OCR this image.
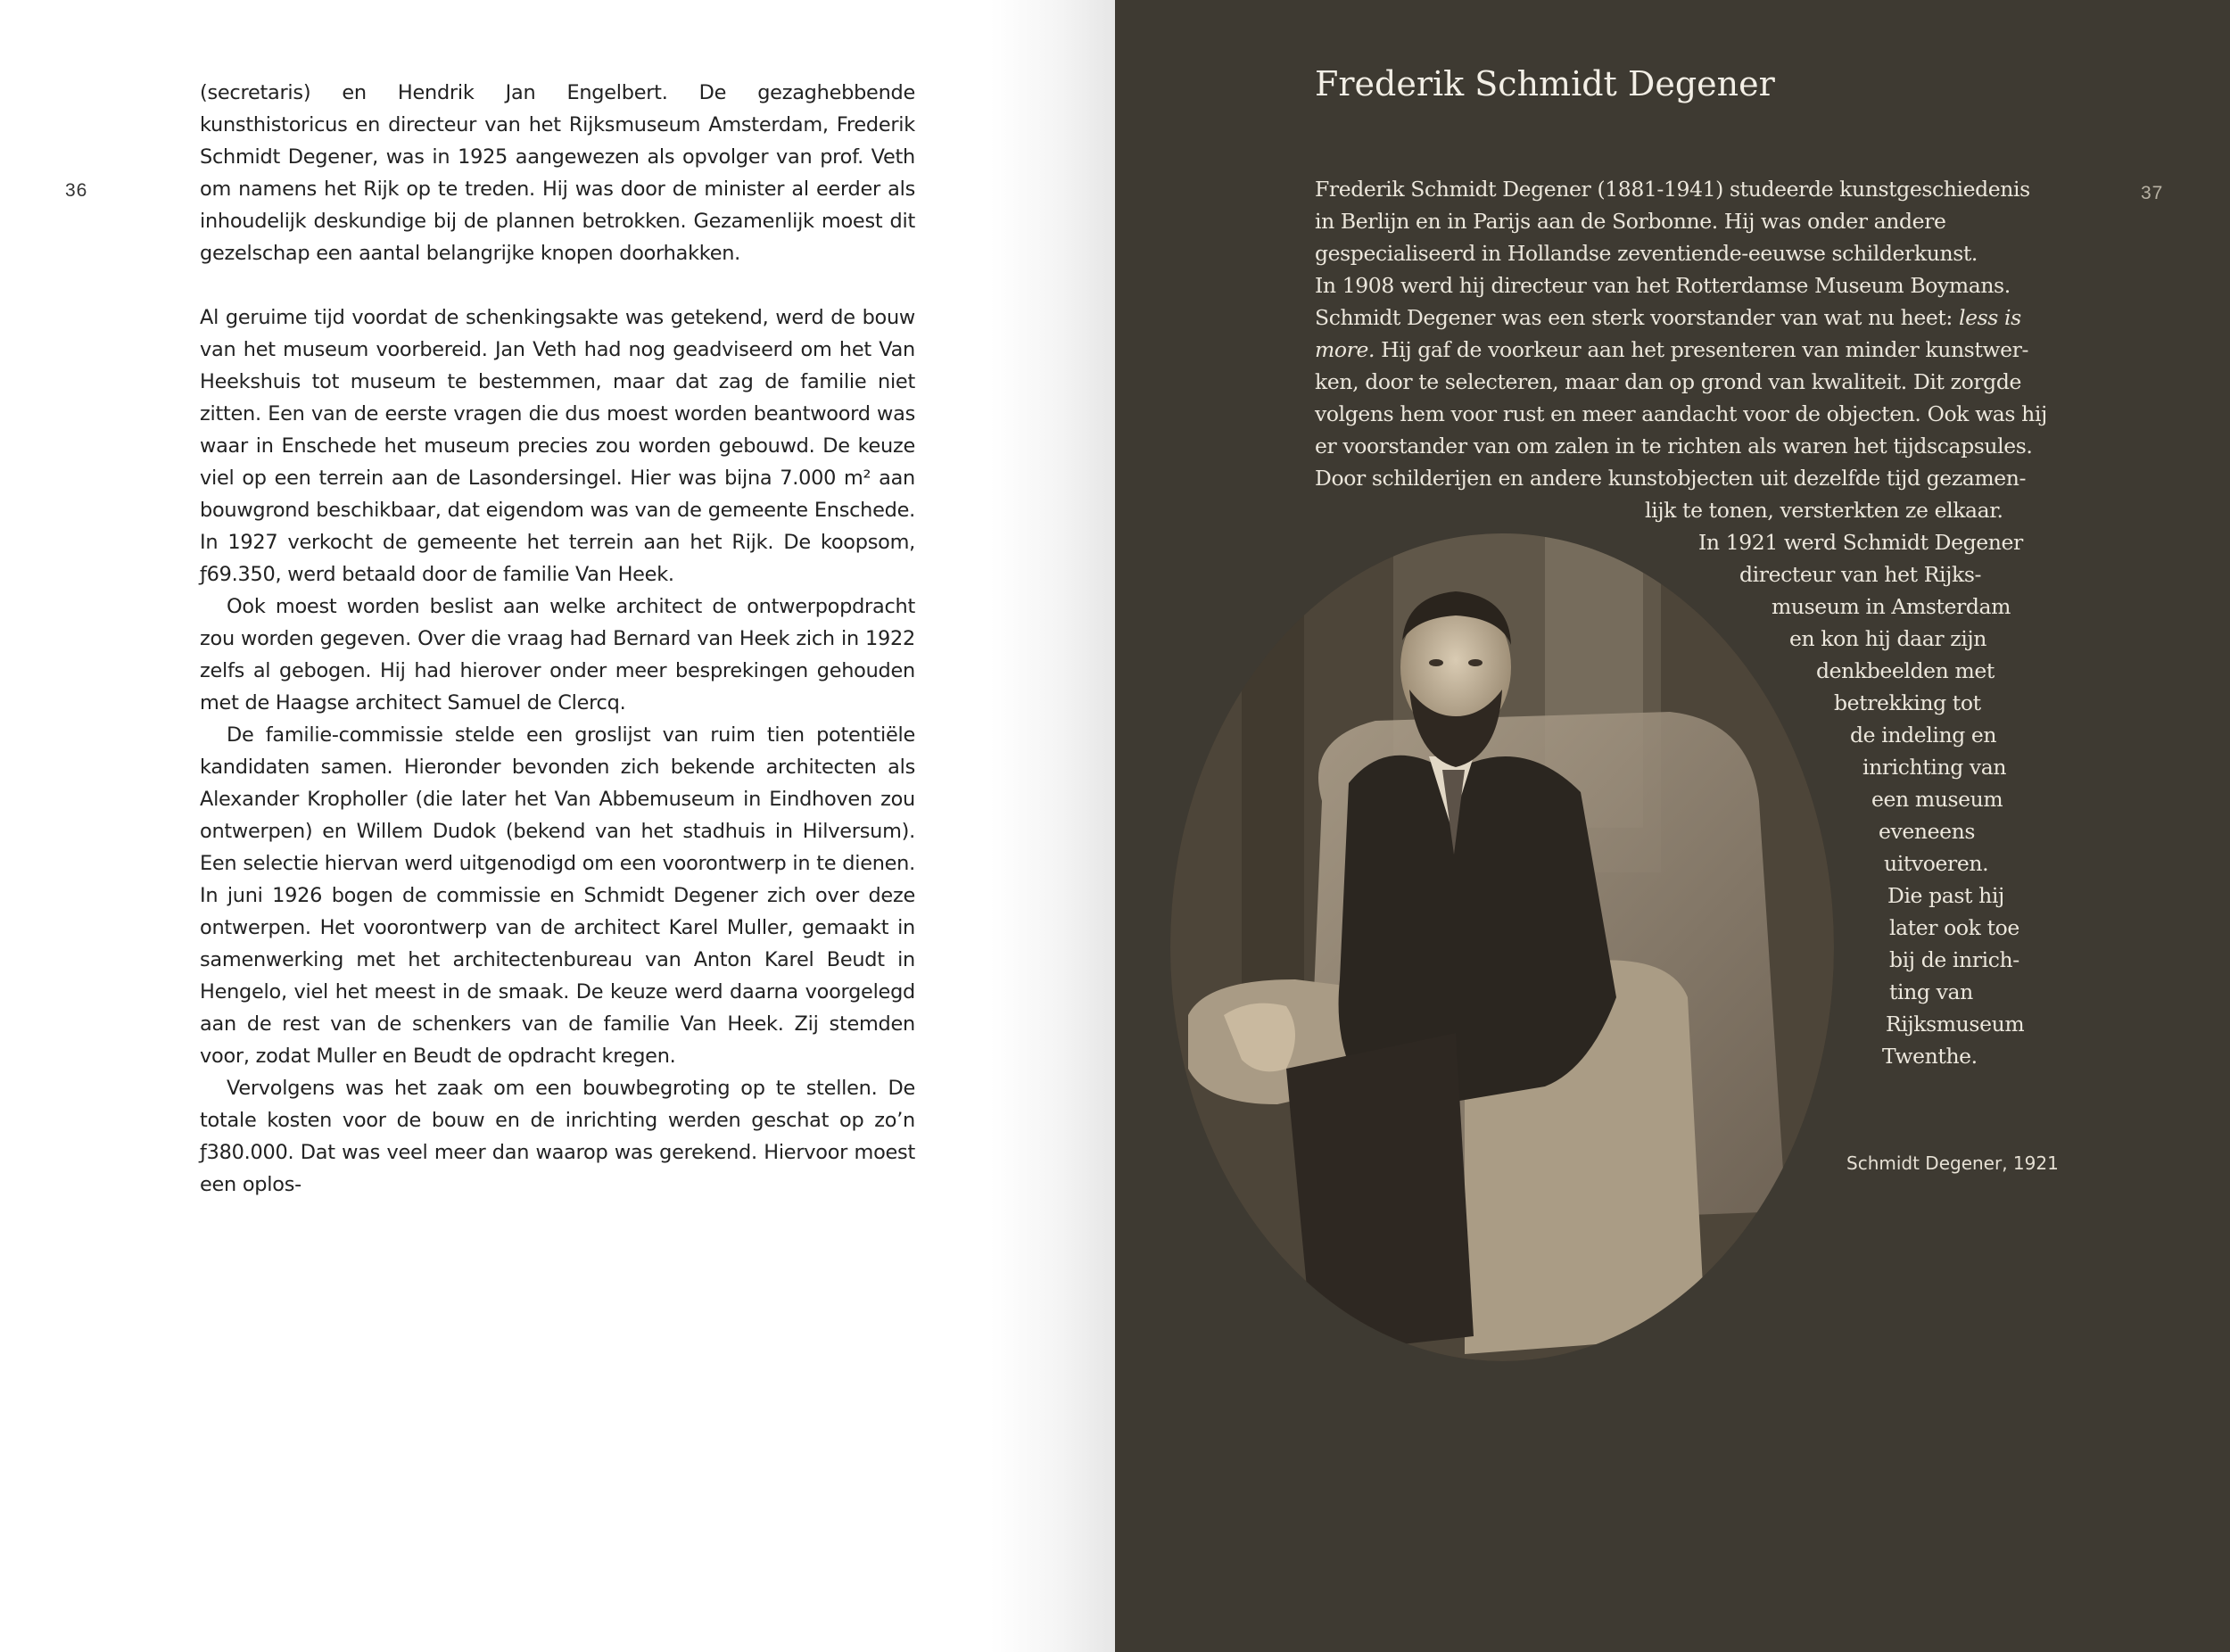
36

(secretaris) en Hendrik Jan Engelbert. De gezaghebbende kunsthistoricus en directeur van het Rijksmuseum Amsterdam, Frederik Schmidt Degener, was in 1925 aangewezen als opvolger van prof. Veth om namens het Rijk op te treden. Hij was door de minister al eerder als inhoudelijk deskundige bij de plannen betrokken. Gezamenlijk moest dit gezelschap een aantal belangrijke knopen doorhakken.

Al geruime tijd voordat de schenkingsakte was getekend, werd de bouw van het museum voorbereid. Jan Veth had nog geadviseerd om het Van Heekshuis tot museum te bestemmen, maar dat zag de familie niet zitten. Een van de eerste vragen die dus moest worden beantwoord was waar in Enschede het museum precies zou worden gebouwd. De keuze viel op een terrein aan de Lasondersingel. Hier was bijna 7.000 m² aan bouwgrond beschikbaar, dat eigendom was van de gemeente Enschede. In 1927 verkocht de gemeente het terrein aan het Rijk. De koopsom, ƒ69.350, werd betaald door de familie Van Heek.

Ook moest worden beslist aan welke architect de ontwerpopdracht zou worden gegeven. Over die vraag had Bernard van Heek zich in 1922 zelfs al gebogen. Hij had hierover onder meer besprekingen gehouden met de Haagse architect Samuel de Clercq.

De familie-commissie stelde een groslijst van ruim tien potentiële kandidaten samen. Hieronder bevonden zich bekende architecten als Alexander Kropholler (die later het Van Abbemuseum in Eindhoven zou ontwerpen) en Willem Dudok (bekend van het stadhuis in Hilversum). Een selectie hiervan werd uitgenodigd om een voorontwerp in te dienen. In juni 1926 bogen de commissie en Schmidt Degener zich over deze ontwerpen. Het voorontwerp van de architect Karel Muller, gemaakt in samenwerking met het architectenbureau van Anton Karel Beudt in Hengelo, viel het meest in de smaak. De keuze werd daarna voorgelegd aan de rest van de schenkers van de familie Van Heek. Zij stemden voor, zodat Muller en Beudt de opdracht kregen.

Vervolgens was het zaak om een bouwbegroting op te stellen. De totale kosten voor de bouw en de inrichting werden geschat op zo’n ƒ380.000. Dat was veel meer dan waarop was gerekend. Hiervoor moest een oplos-

37
Frederik Schmidt Degener
Frederik Schmidt Degener (1881-1941) studeerde kunstgeschiedenis
in Berlijn en in Parijs aan de Sorbonne. Hij was onder andere
gespecialiseerd in Hollandse zeventiende-eeuwse schilderkunst.
In 1908 werd hij directeur van het Rotterdamse Museum Boymans.
Schmidt Degener was een sterk voorstander van wat nu heet: less is
more. Hij gaf de voorkeur aan het presenteren van minder kunstwer-
ken, door te selecteren, maar dan op grond van kwaliteit. Dit zorgde
volgens hem voor rust en meer aandacht voor de objecten. Ook was hij
er voorstander van om zalen in te richten als waren het tijdscapsules.
Door schilderijen en andere kunstobjecten uit dezelfde tijd gezamen-
lijk te tonen, versterkten ze elkaar.
In 1921 werd Schmidt Degener
directeur van het Rijks-
museum in Amsterdam
en kon hij daar zijn
denkbeelden met
betrekking tot
de indeling en
inrichting van
een museum
eveneens
uitvoeren.
Die past hij
later ook toe
bij de inrich-
ting van
Rijksmuseum
Twenthe.
Schmidt Degener, 1921
